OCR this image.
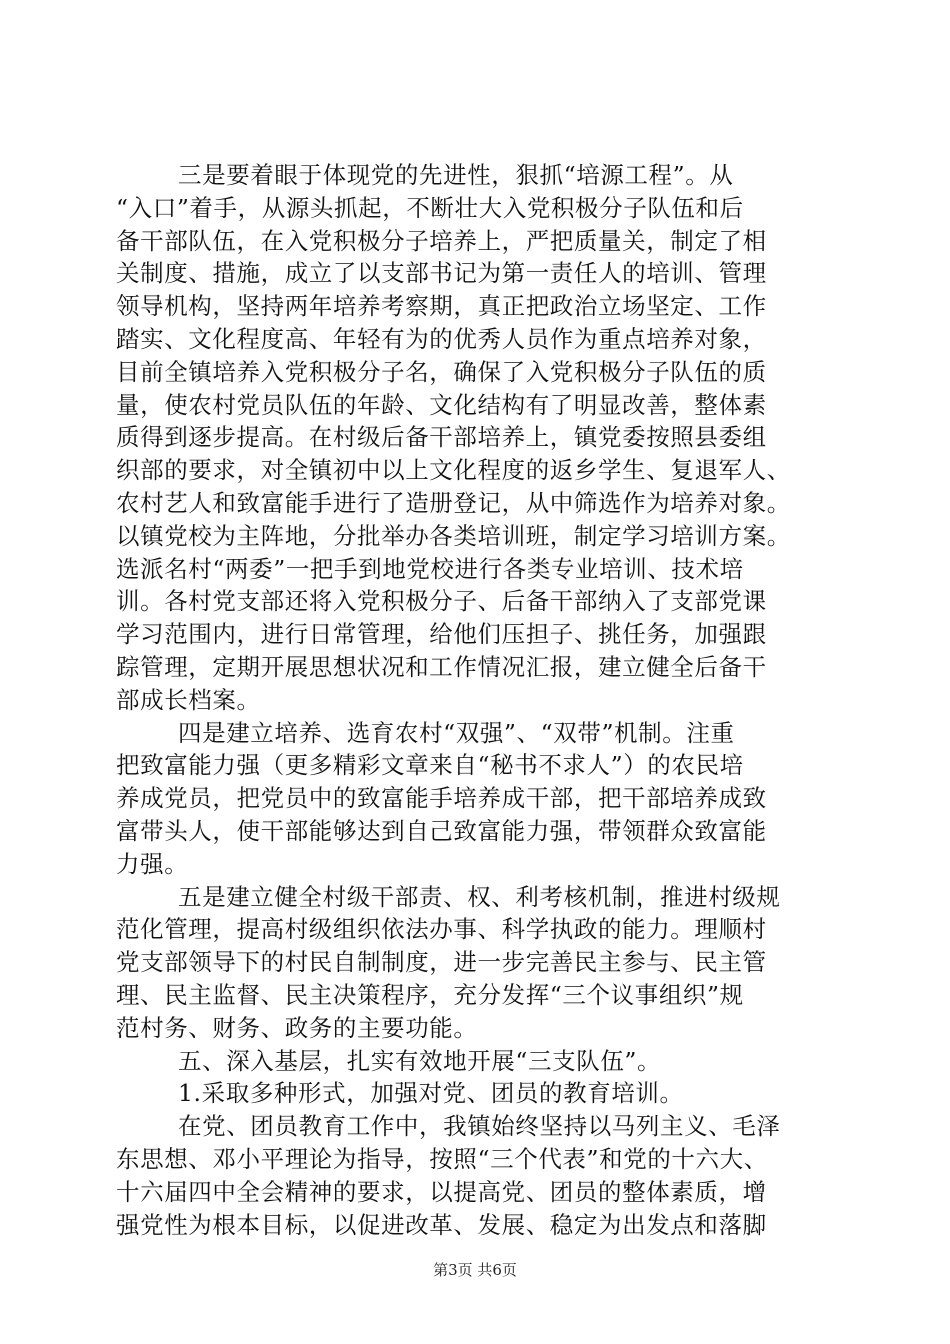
三是要着眼于体现党的先进性，狠抓“培源工程”。从
“入口”着手，从源头抓起，不断壮大入党积极分子队伍和后
备干部队伍，在入党积极分子培养上，严把质量关，制定了相
关制度、措施，成立了以支部书记为第一责任人的培训、管理
领导机构，坚持两年培养考察期，真正把政治立场坚定、工作
踏实、文化程度高、年轻有为的优秀人员作为重点培养对象，
目前全镇培养入党积极分子名，确保了入党积极分子队伍的质
量，使农村党员队伍的年龄、文化结构有了明显改善，整体素
质得到逐步提高。在村级后备干部培养上，镇党委按照县委组
织部的要求，对全镇初中以上文化程度的返乡学生、复退军人、
农村艺人和致富能手进行了造册登记，从中筛选作为培养对象。
以镇党校为主阵地，分批举办各类培训班，制定学习培训方案。
选派名村“两委”一把手到地党校进行各类专业培训、技术培
训。各村党支部还将入党积极分子、后备干部纳入了支部党课
学习范围内，进行日常管理，给他们压担子、挑任务，加强跟
踪管理，定期开展思想状况和工作情况汇报，建立健全后备干
部成长档案。
四是建立培养、选育农村“双强”、“双带”机制。注重
把致富能力强（更多精彩文章来自“秘书不求人”）的农民培
养成党员，把党员中的致富能手培养成干部，把干部培养成致
富带头人，使干部能够达到自己致富能力强，带领群众致富能
力强。
五是建立健全村级干部责、权、利考核机制，推进村级规
范化管理，提高村级组织依法办事、科学执政的能力。理顺村
党支部领导下的村民自制制度，进一步完善民主参与、民主管
理、民主监督、民主决策程序，充分发挥“三个议事组织”规
范村务、财务、政务的主要功能。
五、深入基层，扎实有效地开展“三支队伍”。
1.采取多种形式，加强对党、团员的教育培训。
在党、团员教育工作中，我镇始终坚持以马列主义、毛泽
东思想、邓小平理论为指导，按照“三个代表”和党的十六大、
十六届四中全会精神的要求，以提高党、团员的整体素质，增
强党性为根本目标，以促进改革、发展、稳定为出发点和落脚
第3页 共6页
